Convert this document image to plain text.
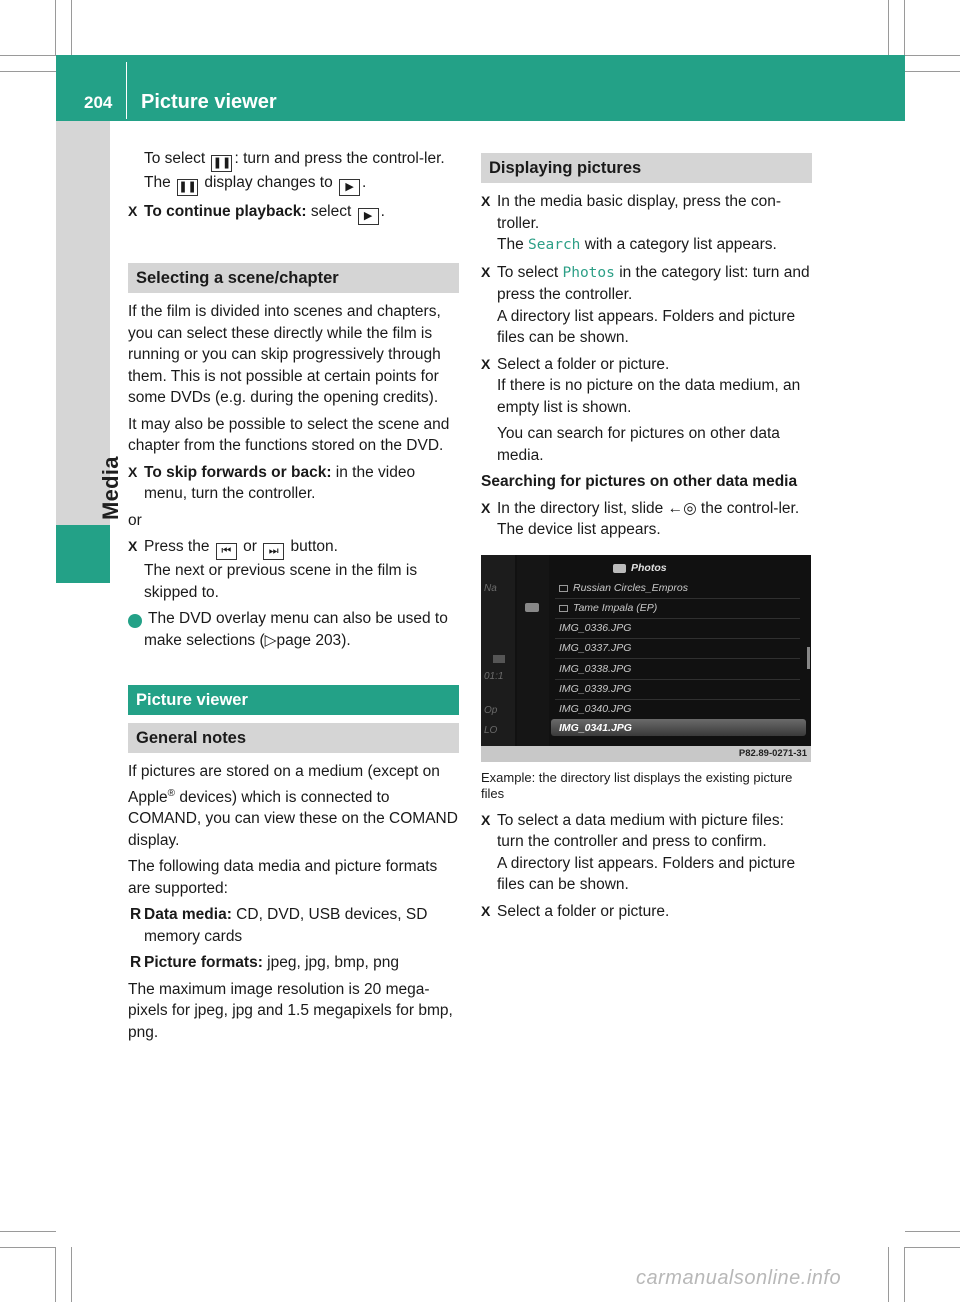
204 Picture viewer
Media

To select ❚❚ : turn and press the control-ler.

The ❚❚ display changes to ▶ .

X To continue playback: select ▶ .
Selecting a scene/chapter

If the film is divided into scenes and chapters, you can select these directly while the film is running or you can skip progressively through them. This is not possible at certain points for some DVDs (e.g. during the opening credits).

It may also be possible to select the scene and chapter from the functions stored on the DVD.

X To skip forwards or back: in the video menu, turn the controller.

or

X Press the ⏮ or ⏭ button.

The next or previous scene in the film is skipped to.

i The DVD overlay menu can also be used to make selections (▷page 203).

Picture viewer
General notes

If pictures are stored on a medium (except on Apple® devices) which is connected to COMAND, you can view these on the COMAND display.

The following data media and picture formats are supported:

R Data media: CD, DVD, USB devices, SD memory cards
R Picture formats: jpeg, jpg, bmp, png

The maximum image resolution is 20 mega-pixels for jpeg, jpg and 1.5 megapixels for bmp, png.

Displaying pictures
X In the media basic display, press the con-troller.

The Search with a category list appears.

X To select Photos in the category list: turn and press the controller.

A directory list appears. Folders and picture files can be shown.

X Select a folder or picture.

If there is no picture on the data medium, an empty list is shown.

You can search for pictures on other data media.

Searching for pictures on other data media

X In the directory list, slide ←◎ the control-ler.

The device list appears.

Na
01:1
Op
LO
Photos
Russian Circles_Empros
Tame Impala (EP)
IMG_0336.JPG
IMG_0337.JPG
IMG_0338.JPG
IMG_0339.JPG
IMG_0340.JPG
IMG_0341.JPG
P82.89-0271-31

Example: the directory list displays the existing picture files

X To select a data medium with picture files: turn the controller and press to confirm.

A directory list appears. Folders and picture files can be shown.

X Select a folder or picture.
carmanualsonline.info
